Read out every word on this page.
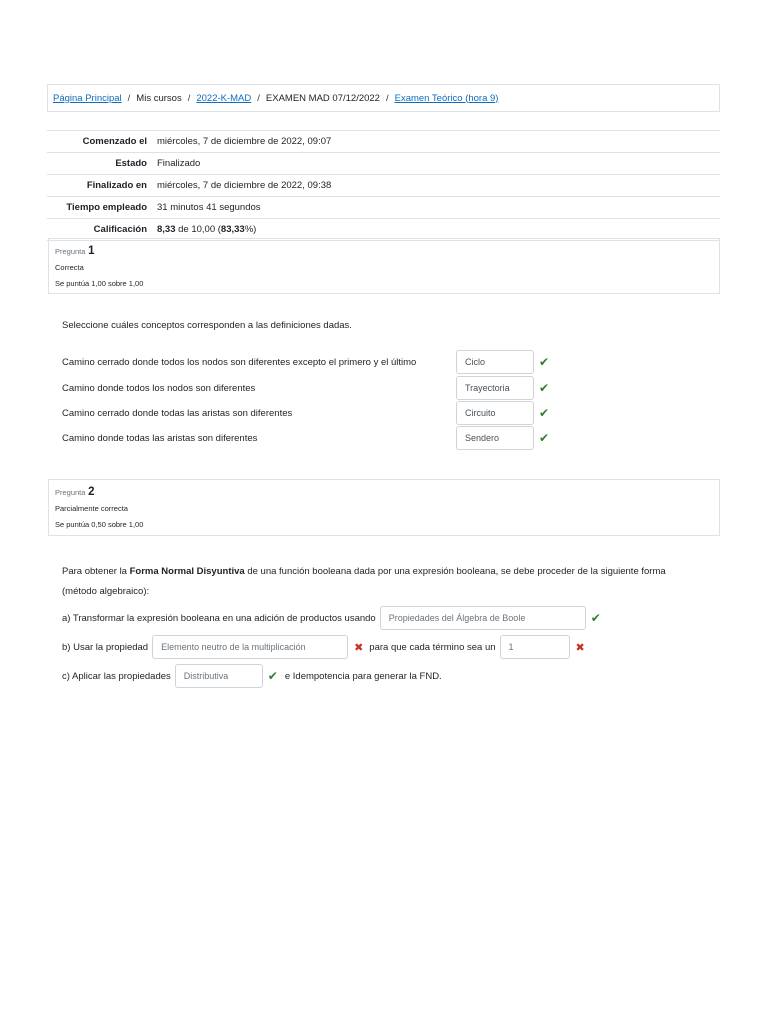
Página Principal / Mis cursos / 2022-K-MAD / EXAMEN MAD 07/12/2022 / Examen Teórico (hora 9)
Comenzado el	miércoles, 7 de diciembre de 2022, 09:07
Estado	Finalizado
Finalizado en	miércoles, 7 de diciembre de 2022, 09:38
Tiempo empleado	31 minutos 41 segundos
Calificación	8,33 de 10,00 (83,33%)
Pregunta 1
Correcta
Se puntúa 1,00 sobre 1,00
Seleccione cuáles conceptos corresponden a las definiciones dadas.
Camino cerrado donde todos los nodos son diferentes excepto el primero y el último	Ciclo	✔
Camino donde todos los nodos son diferentes	Trayectoria	✔
Camino cerrado donde todas las aristas son diferentes	Circuito	✔
Camino donde todas las aristas son diferentes	Sendero	✔
Pregunta 2
Parcialmente correcta
Se puntúa 0,50 sobre 1,00
Para obtener la Forma Normal Disyuntiva de una función booleana dada por una expresión booleana, se debe proceder de la siguiente forma (método algebraico):
a) Transformar la expresión booleana en una adición de productos usando	Propiedades del Álgebra de Boole	✔
b) Usar la propiedad	Elemento neutro de la multiplicación	✖ para que cada término sea un	1	✖
c) Aplicar las propiedades	Distributiva	✔ e Idempotencia para generar la FND.
